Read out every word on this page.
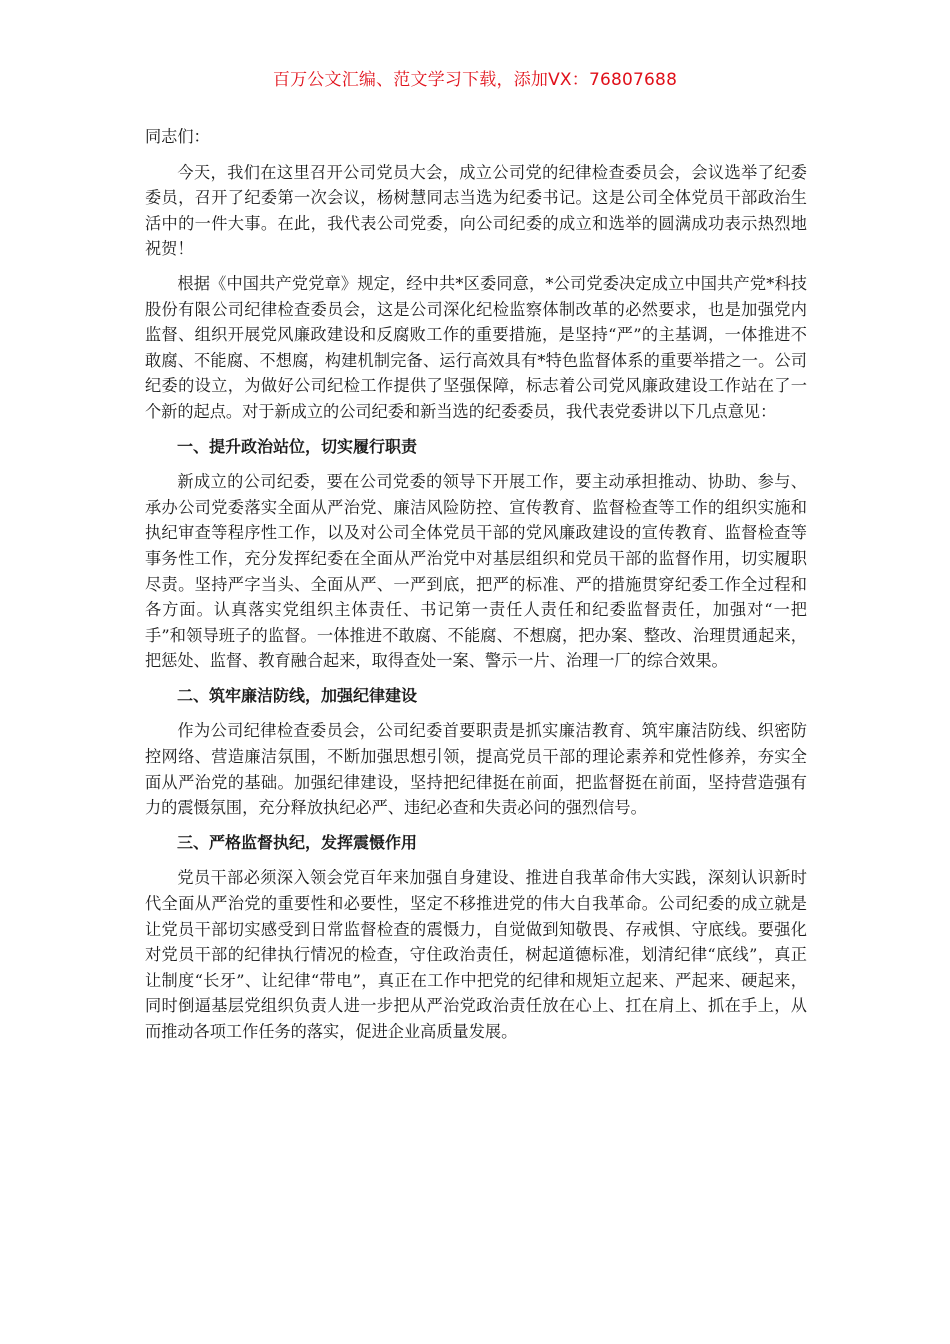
百万公文汇编、范文学习下载，添加VX：76807688

同志们：

今天，我们在这里召开公司党员大会，成立公司党的纪律检查委员会，会议选举了纪委委员，召开了纪委第一次会议，杨树慧同志当选为纪委书记。这是公司全体党员干部政治生活中的一件大事。在此，我代表公司党委，向公司纪委的成立和选举的圆满成功表示热烈地祝贺！

根据《中国共产党党章》规定，经中共*区委同意，*公司党委决定成立中国共产党*科技股份有限公司纪律检查委员会，这是公司深化纪检监察体制改革的必然要求，也是加强党内监督、组织开展党风廉政建设和反腐败工作的重要措施，是坚持“严”的主基调，一体推进不敢腐、不能腐、不想腐，构建机制完备、运行高效具有*特色监督体系的重要举措之一。公司纪委的设立，为做好公司纪检工作提供了坚强保障，标志着公司党风廉政建设工作站在了一个新的起点。对于新成立的公司纪委和新当选的纪委委员，我代表党委讲以下几点意见：

一、提升政治站位，切实履行职责

新成立的公司纪委，要在公司党委的领导下开展工作，要主动承担推动、协助、参与、承办公司党委落实全面从严治党、廉洁风险防控、宣传教育、监督检查等工作的组织实施和执纪审查等程序性工作，以及对公司全体党员干部的党风廉政建设的宣传教育、监督检查等事务性工作，充分发挥纪委在全面从严治党中对基层组织和党员干部的监督作用，切实履职尽责。坚持严字当头、全面从严、一严到底，把严的标准、严的措施贯穿纪委工作全过程和各方面。认真落实党组织主体责任、书记第一责任人责任和纪委监督责任，加强对“一把手”和领导班子的监督。一体推进不敢腐、不能腐、不想腐，把办案、整改、治理贯通起来，把惩处、监督、教育融合起来，取得查处一案、警示一片、治理一厂的综合效果。

二、筑牢廉洁防线，加强纪律建设

作为公司纪律检查委员会，公司纪委首要职责是抓实廉洁教育、筑牢廉洁防线、织密防控网络、营造廉洁氛围，不断加强思想引领，提高党员干部的理论素养和党性修养，夯实全面从严治党的基础。加强纪律建设，坚持把纪律挺在前面，把监督挺在前面，坚持营造强有力的震慑氛围，充分释放执纪必严、违纪必查和失责必问的强烈信号。

三、严格监督执纪，发挥震慑作用

党员干部必须深入领会党百年来加强自身建设、推进自我革命伟大实践，深刻认识新时代全面从严治党的重要性和必要性，坚定不移推进党的伟大自我革命。公司纪委的成立就是让党员干部切实感受到日常监督检查的震慑力，自觉做到知敬畏、存戒惧、守底线。要强化对党员干部的纪律执行情况的检查，守住政治责任，树起道德标准，划清纪律“底线”，真正让制度“长牙”、让纪律“带电”，真正在工作中把党的纪律和规矩立起来、严起来、硬起来，同时倒逼基层党组织负责人进一步把从严治党政治责任放在心上、扛在肩上、抓在手上，从而推动各项工作任务的落实，促进企业高质量发展。
